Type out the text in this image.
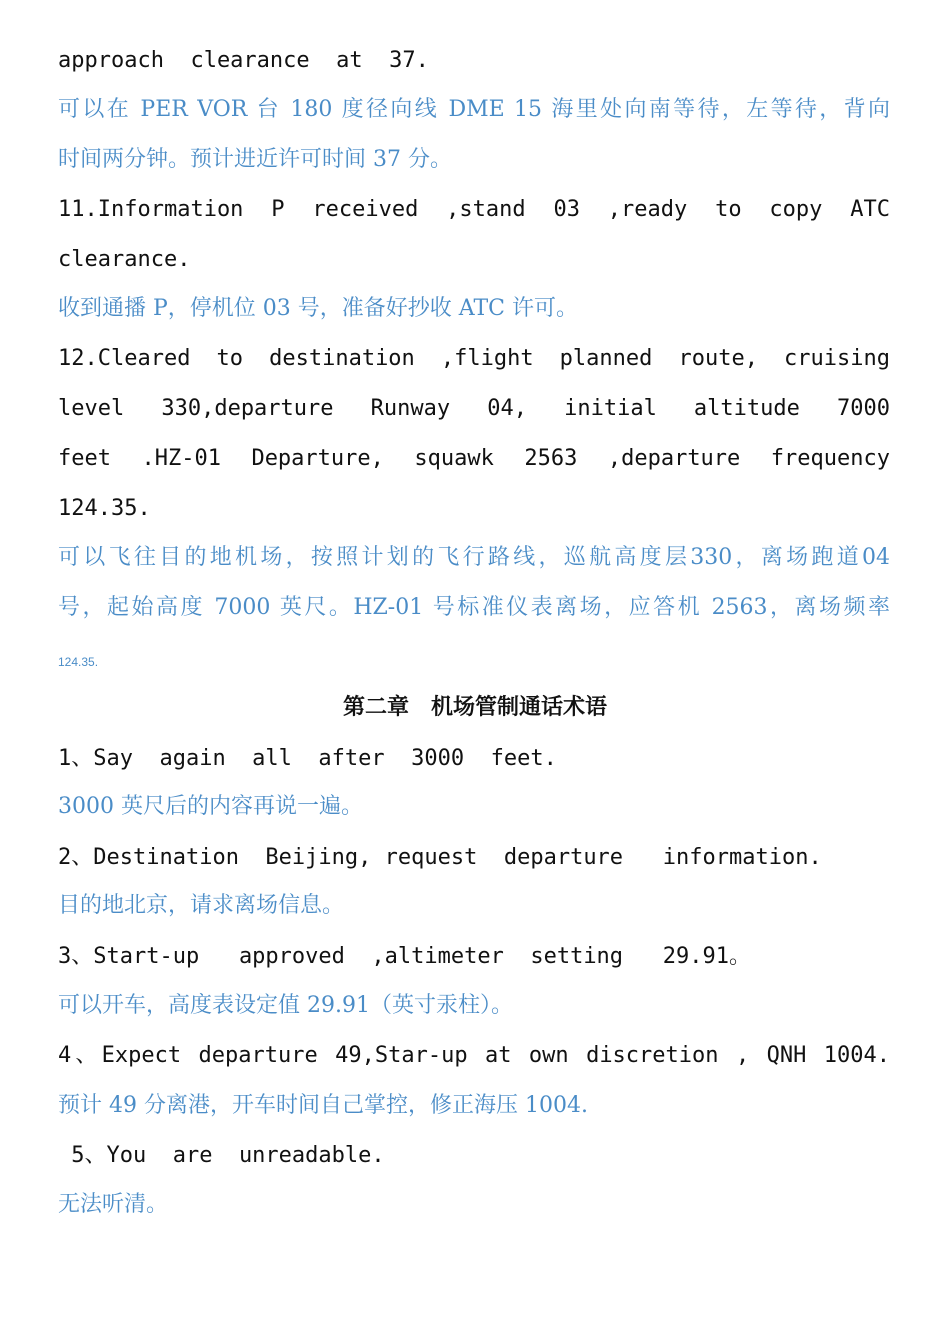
approach  clearance  at  37.
可以在 PER VOR 台 180 度径向线 DME 15 海里处向南等待，左等待，背向
时间两分钟。预计进近许可时间 37 分。
11.Information P received ,stand 03 ,ready to copy ATC
clearance.
收到通播 P，停机位 03 号，准备好抄收 ATC 许可。
12.Cleared to destination ,flight planned route, cruising
level 330,departure Runway 04, initial altitude 7000
feet .HZ-01 Departure, squawk 2563 ,departure frequency
124.35.
可以飞往目的地机场，按照计划的飞行路线，巡航高度层330，离场跑道04
号，起始高度 7000 英尺。HZ-01 号标准仪表离场，应答机 2563，离场频率
124.35.
第二章　机场管制通话术语
1、Say  again  all  after  3000  feet.
3000 英尺后的内容再说一遍。
2、Destination  Beijing, request  departure   information.
目的地北京，请求离场信息。
3、Start-up   approved  ,altimeter  setting   29.91。
可以开车，高度表设定值 29.91（英寸汞柱）。
4、Expect departure 49,Star-up at own discretion , QNH 1004.
预计 49 分离港，开车时间自己掌控，修正海压 1004.
5、You  are  unreadable.
无法听清。
